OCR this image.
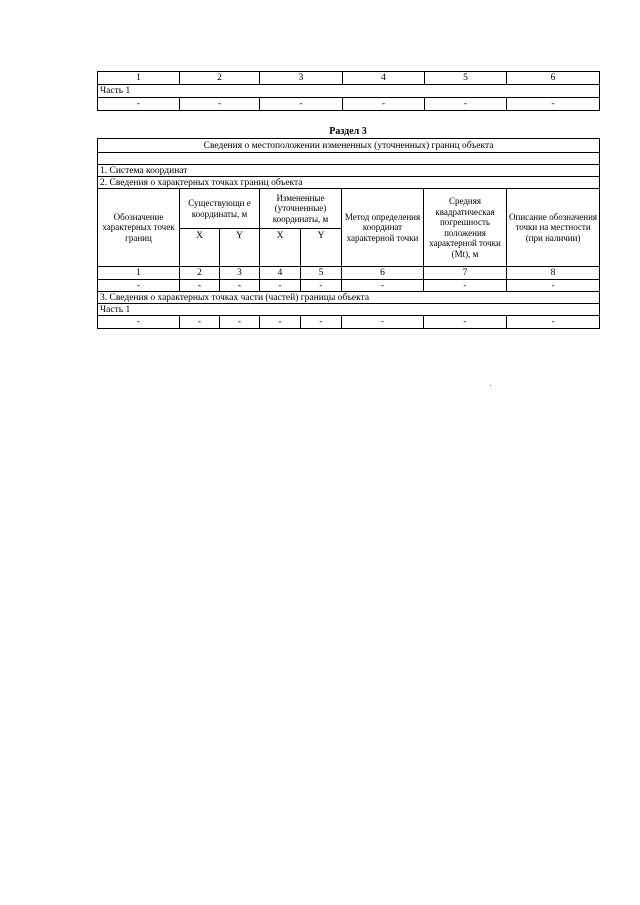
1	2	3	4	5	6
Часть 1					
-	-	-	-	-	-
Раздел 3
Сведения о местоположении измененных (уточненных) границ объекта							

1. Система координат							
2. Сведения о характерных точках границ объекта							
Обозначение характерных точек границ	Существующи е координаты, м		Измененные (уточненные) координаты, м		Метод определения координат характерной точки	Средняя квадратическая погрешность положения характерной точки (Mt), м	Описание обозначения точки на местности (при наличии)
	X	Y	X	Y			
1	2	3	4	5	6	7	8
-	-	-	-	-	-	-	-
3. Сведения о характерных точках части (частей) границы объекта							
Часть 1							
-	-	-	-	-	-	-	-
